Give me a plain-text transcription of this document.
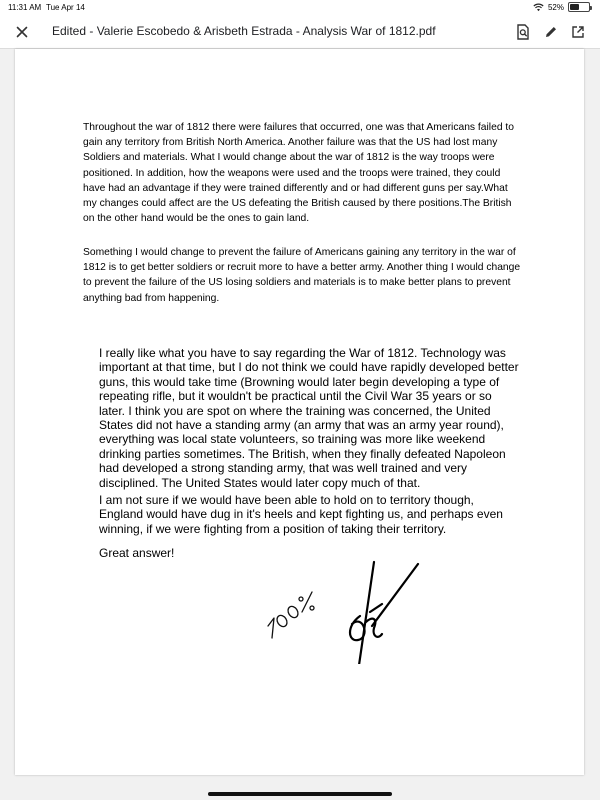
11:31 AM Tue Apr 14	52%
Edited - Valerie Escobedo & Arisbeth Estrada - Analysis War of 1812.pdf

Throughout the war of 1812 there were failures that occurred, one was that Americans failed to gain any territory from British North America. Another failure was that the US had lost many Soldiers and materials. What I would change about the war of 1812 is the way troops were positioned. In addition, how the weapons were used and the troops were trained, they could have had an advantage if they were trained differently and or had different guns per say.What my changes could affect are the US defeating the British caused by there positions.The British on the other hand would be the ones to gain land.

Something I would change to prevent the failure of Americans gaining any territory in the war of 1812 is to get better soldiers or recruit more to have a better army. Another thing I would change to prevent the failure of the US losing soldiers and materials is to make better plans to prevent anything bad from happening.

I really like what you have to say regarding the War of 1812. Technology was important at that time, but I do not think we could have rapidly developed better guns, this would take time (Browning would later begin developing a type of repeating rifle, but it wouldn't be practical until the Civil War 35 years or so later. I think you are spot on where the training was concerned, the United States did not have a standing army (an army that was an army year round), everything was local state volunteers, so training was more like weekend drinking parties sometimes. The British, when they finally defeated Napoleon had developed a strong standing army, that was well trained and very disciplined. The United States would later copy much of that.

I am not sure if we would have been able to hold on to territory though, England would have dug in it's heels and kept fighting us, and perhaps even winning, if we were fighting from a position of taking their territory.

Great answer!
